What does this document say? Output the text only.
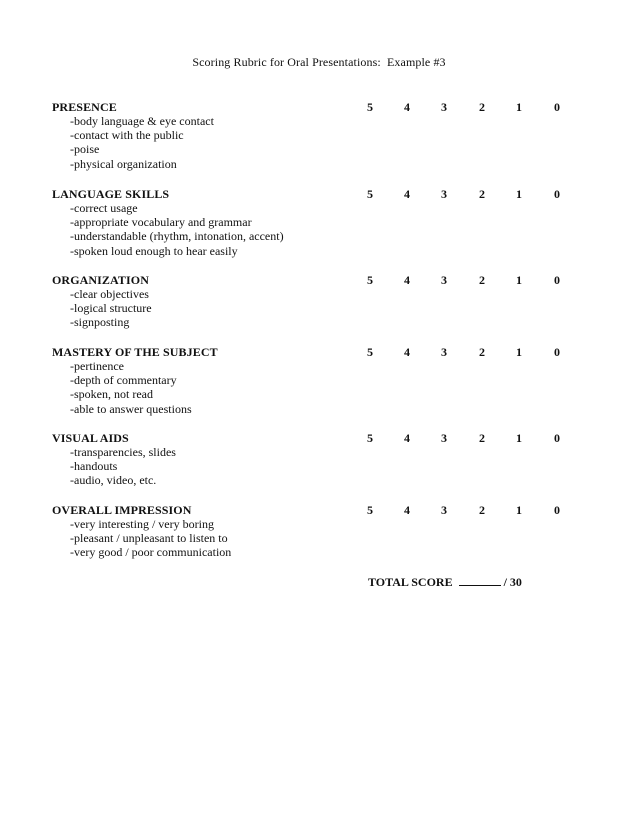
Scoring Rubric for Oral Presentations:  Example #3
PRESENCE	5	4	3	2	1	0
-body language & eye contact
-contact with the public
-poise
-physical organization
LANGUAGE SKILLS	5	4	3	2	1	0
-correct usage
-appropriate vocabulary and grammar
-understandable (rhythm, intonation, accent)
-spoken loud enough to hear easily
ORGANIZATION	5	4	3	2	1	0
-clear objectives
-logical structure
-signposting
MASTERY OF THE SUBJECT	5	4	3	2	1	0
-pertinence
-depth of commentary
-spoken, not read
-able to answer questions
VISUAL AIDS	5	4	3	2	1	0
-transparencies, slides
-handouts
-audio, video, etc.
OVERALL IMPRESSION	5	4	3	2	1	0
-very interesting / very boring
-pleasant / unpleasant to listen to
-very good / poor communication
TOTAL SCORE	/ 30
